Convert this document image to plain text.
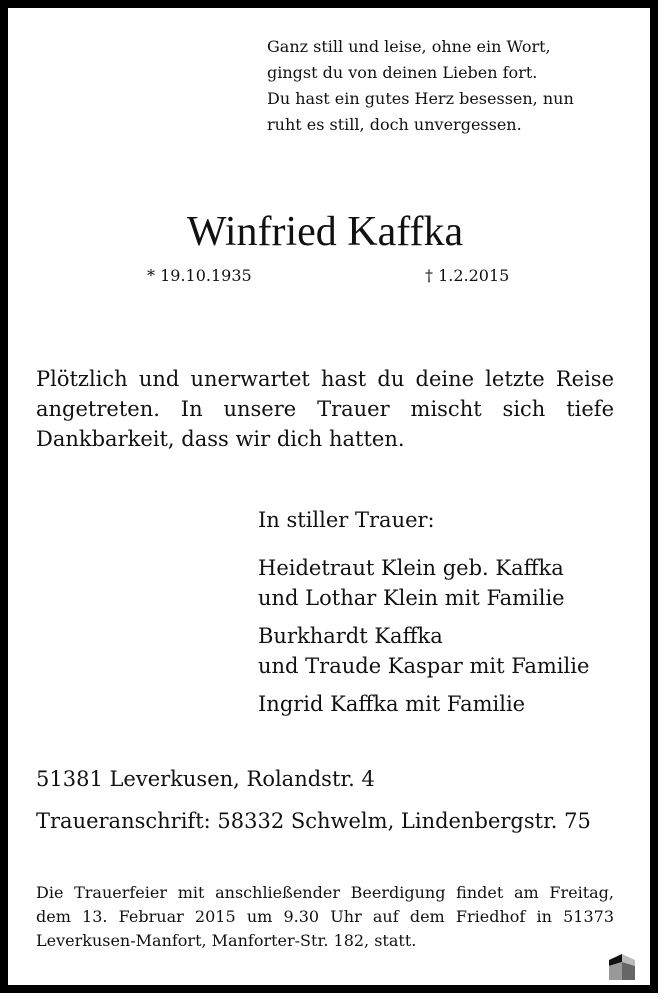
Ganz still und leise, ohne ein Wort,
gingst du von deinen Lieben fort.
Du hast ein gutes Herz besessen, nun
ruht es still, doch unvergessen.
Winfried Kaffka
* 19.10.1935	† 1.2.2015
Plötzlich und unerwartet hast du deine letzte Reise angetreten. In unsere Trauer mischt sich tiefe Dankbarkeit, dass wir dich hatten.
In stiller Trauer:
Heidetraut Klein geb. Kaffka
und Lothar Klein mit Familie
Burkhardt Kaffka
und Traude Kaspar mit Familie
Ingrid Kaffka mit Familie
51381 Leverkusen, Rolandstr. 4
Traueranschrift: 58332 Schwelm, Lindenbergstr. 75
Die Trauerfeier mit anschließender Beerdigung findet am Freitag, dem 13. Februar 2015 um 9.30 Uhr auf dem Friedhof in 51373 Leverkusen-Manfort, Manforter-Str. 182, statt.
